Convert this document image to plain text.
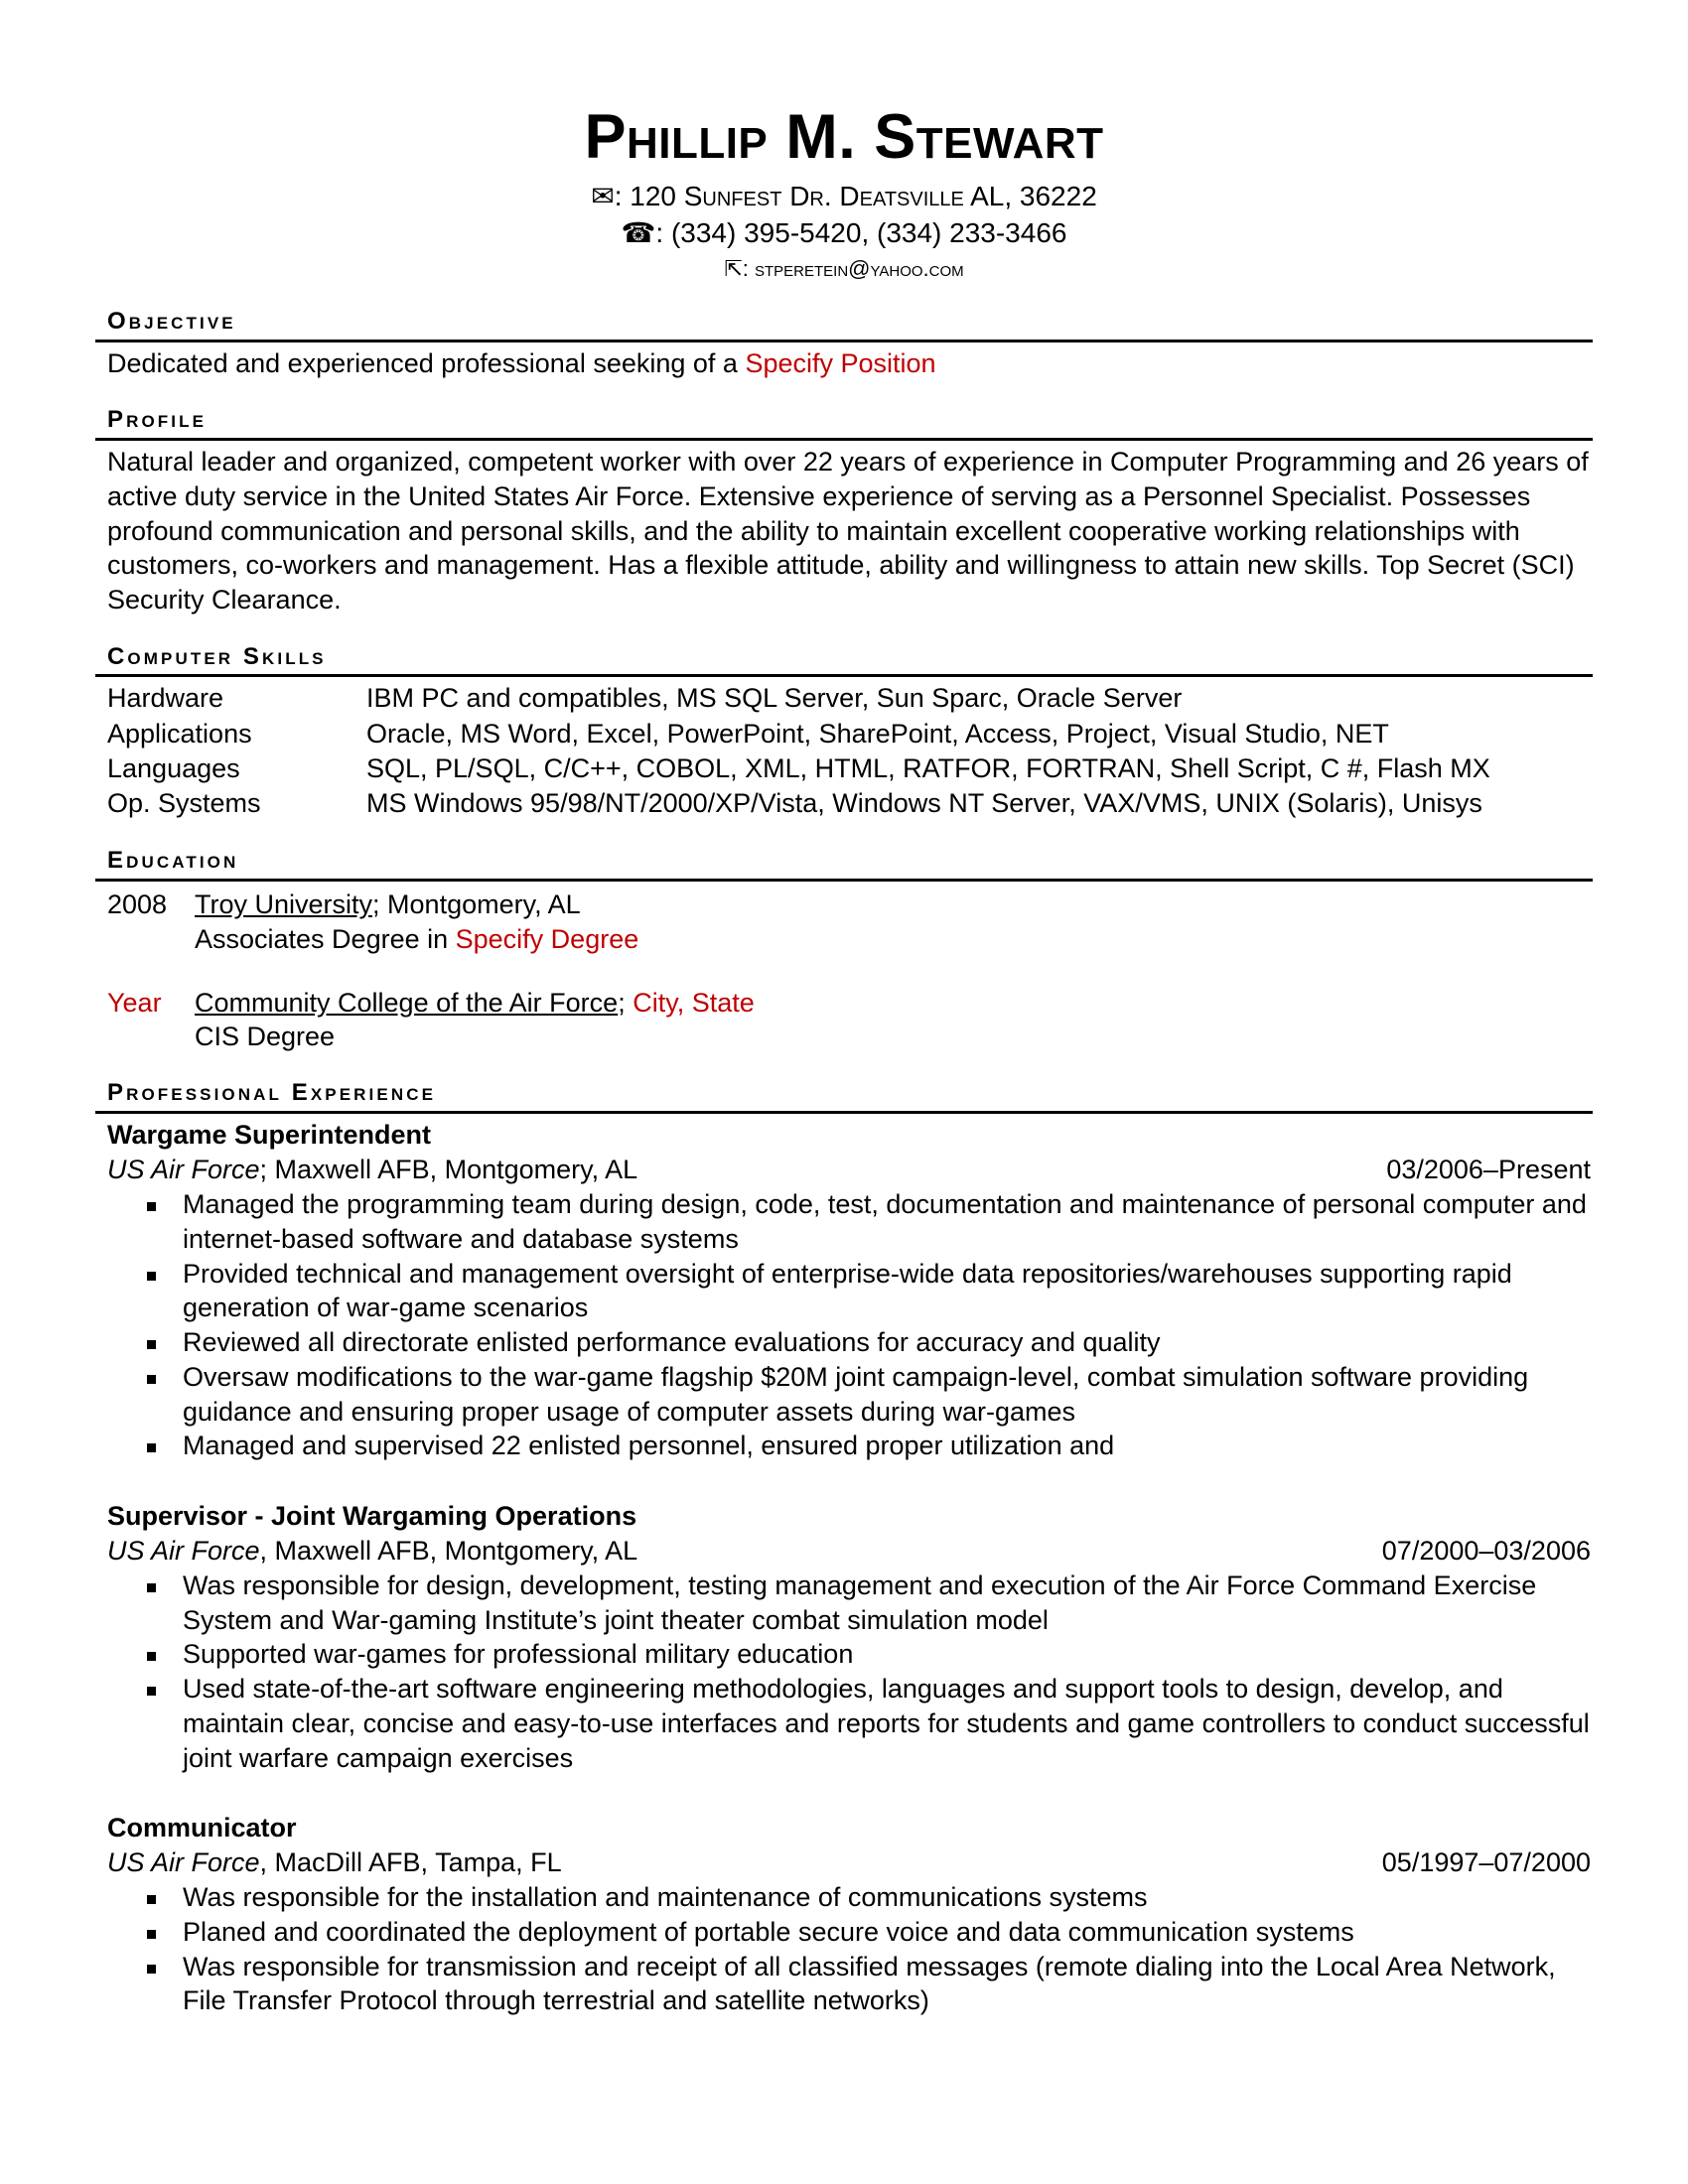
Phillip M. Stewart
✉: 120 Sunfest Dr. Deatsville AL, 36222
☎: (334) 395-5420, (334) 233-3466
⇱: stperetein@yahoo.com
Objective
Dedicated and experienced professional seeking of a Specify Position
Profile
Natural leader and organized, competent worker with over 22 years of experience in Computer Programming and 26 years of active duty service in the United States Air Force. Extensive experience of serving as a Personnel Specialist. Possesses profound communication and personal skills, and the ability to maintain excellent cooperative working relationships with customers, co-workers and management. Has a flexible attitude, ability and willingness to attain new skills. Top Secret (SCI) Security Clearance.
Computer Skills
Hardware	IBM PC and compatibles, MS SQL Server, Sun Sparc, Oracle Server
Applications	Oracle, MS Word, Excel, PowerPoint, SharePoint, Access, Project, Visual Studio, NET
Languages	SQL, PL/SQL, C/C++, COBOL, XML, HTML, RATFOR, FORTRAN, Shell Script, C #, Flash MX
Op. Systems	MS Windows 95/98/NT/2000/XP/Vista, Windows NT Server, VAX/VMS, UNIX (Solaris), Unisys
Education
2008	Troy University; Montgomery, AL
Associates Degree in Specify Degree
Year	Community College of the Air Force; City, State
CIS Degree
Professional Experience
Wargame Superintendent
US Air Force; Maxwell AFB, Montgomery, AL	03/2006–Present
Managed the programming team during design, code, test, documentation and maintenance of personal computer and internet-based software and database systems
Provided technical and management oversight of enterprise-wide data repositories/warehouses supporting rapid generation of war-game scenarios
Reviewed all directorate enlisted performance evaluations for accuracy and quality
Oversaw modifications to the war-game flagship $20M joint campaign-level, combat simulation software providing guidance and ensuring proper usage of computer assets during war-games
Managed and supervised 22 enlisted personnel, ensured proper utilization and
Supervisor - Joint Wargaming Operations
US Air Force, Maxwell AFB, Montgomery, AL	07/2000–03/2006
Was responsible for design, development, testing management and execution of the Air Force Command Exercise System and War-gaming Institute’s joint theater combat simulation model
Supported war-games for professional military education
Used state-of-the-art software engineering methodologies, languages and support tools to design, develop, and maintain clear, concise and easy-to-use interfaces and reports for students and game controllers to conduct successful joint warfare campaign exercises
Communicator
US Air Force, MacDill AFB, Tampa, FL	05/1997–07/2000
Was responsible for the installation and maintenance of communications systems
Planed and coordinated the deployment of portable secure voice and data communication systems
Was responsible for transmission and receipt of all classified messages (remote dialing into the Local Area Network, File Transfer Protocol through terrestrial and satellite networks)
